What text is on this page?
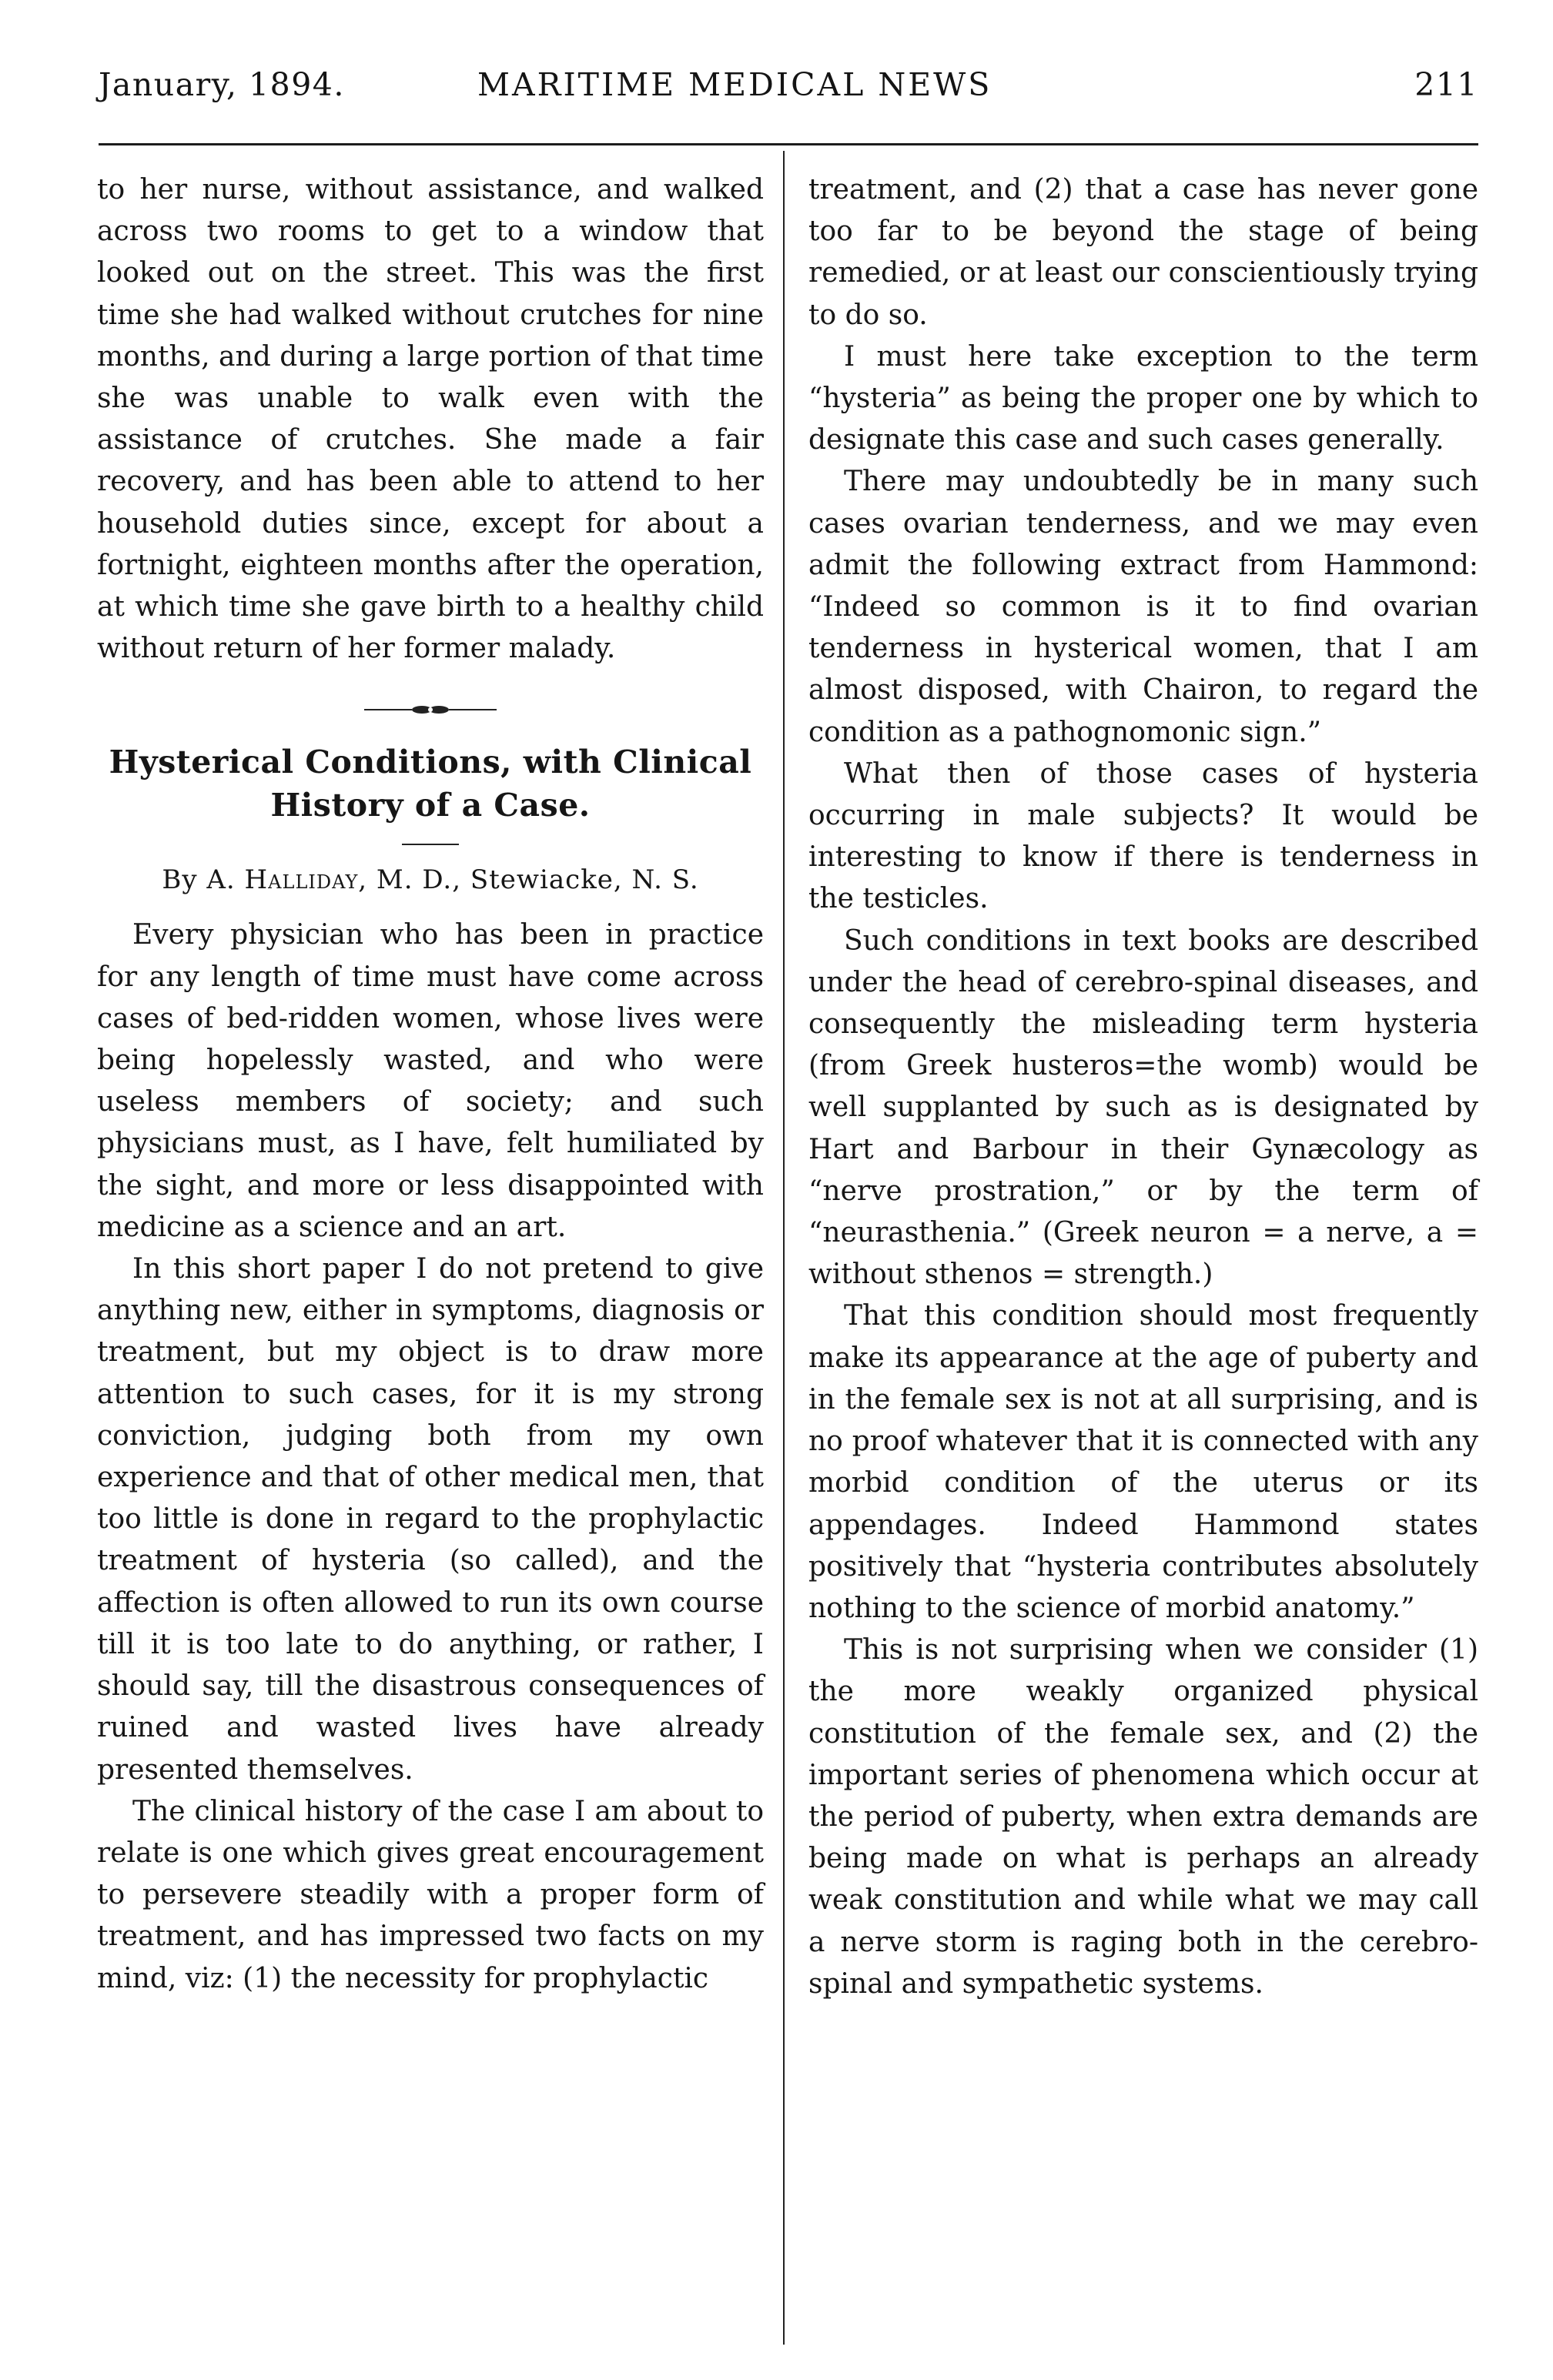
January, 1894.	MARITIME MEDICAL NEWS	211

to her nurse, without assistance, and walked across two rooms to get to a window that looked out on the street. This was the first time she had walked without crutches for nine months, and during a large portion of that time she was unable to walk even with the assistance of crutches. She made a fair recovery, and has been able to attend to her household duties since, except for about a fortnight, eighteen months after the operation, at which time she gave birth to a healthy child without return of her former malady.

Hysterical Conditions, with Clinical History of a Case.
By A. Halliday, M. D., Stewiacke, N. S.

Every physician who has been in practice for any length of time must have come across cases of bed-ridden women, whose lives were being hopelessly wasted, and who were useless members of society; and such physicians must, as I have, felt humiliated by the sight, and more or less disappointed with medicine as a science and an art.

In this short paper I do not pretend to give anything new, either in symptoms, diagnosis or treatment, but my object is to draw more attention to such cases, for it is my strong conviction, judging both from my own experience and that of other medical men, that too little is done in regard to the prophylactic treatment of hysteria (so called), and the affection is often allowed to run its own course till it is too late to do anything, or rather, I should say, till the disastrous consequences of ruined and wasted lives have already presented themselves.

The clinical history of the case I am about to relate is one which gives great encouragement to persevere steadily with a proper form of treatment, and has impressed two facts on my mind, viz: (1) the necessity for prophylactic

treatment, and (2) that a case has never gone too far to be beyond the stage of being remedied, or at least our conscientiously trying to do so.

I must here take exception to the term “hysteria” as being the proper one by which to designate this case and such cases generally.

There may undoubtedly be in many such cases ovarian tenderness, and we may even admit the following extract from Hammond: “Indeed so common is it to find ovarian tenderness in hysterical women, that I am almost disposed, with Chairon, to regard the condition as a pathognomonic sign.”

What then of those cases of hysteria occurring in male subjects? It would be interesting to know if there is tenderness in the testicles.

Such conditions in text books are described under the head of cerebro-spinal diseases, and consequently the misleading term hysteria (from Greek husteros=the womb) would be well supplanted by such as is designated by Hart and Barbour in their Gynæcology as “nerve prostration,” or by the term of “neurasthenia.” (Greek neuron = a nerve, a = without sthenos = strength.)

That this condition should most frequently make its appearance at the age of puberty and in the female sex is not at all surprising, and is no proof whatever that it is connected with any morbid condition of the uterus or its appendages. Indeed Hammond states positively that “hysteria contributes absolutely nothing to the science of morbid anatomy.”

This is not surprising when we consider (1) the more weakly organized physical constitution of the female sex, and (2) the important series of phenomena which occur at the period of puberty, when extra demands are being made on what is perhaps an already weak constitution and while what we may call a nerve storm is raging both in the cerebro-spinal and sympathetic systems.
